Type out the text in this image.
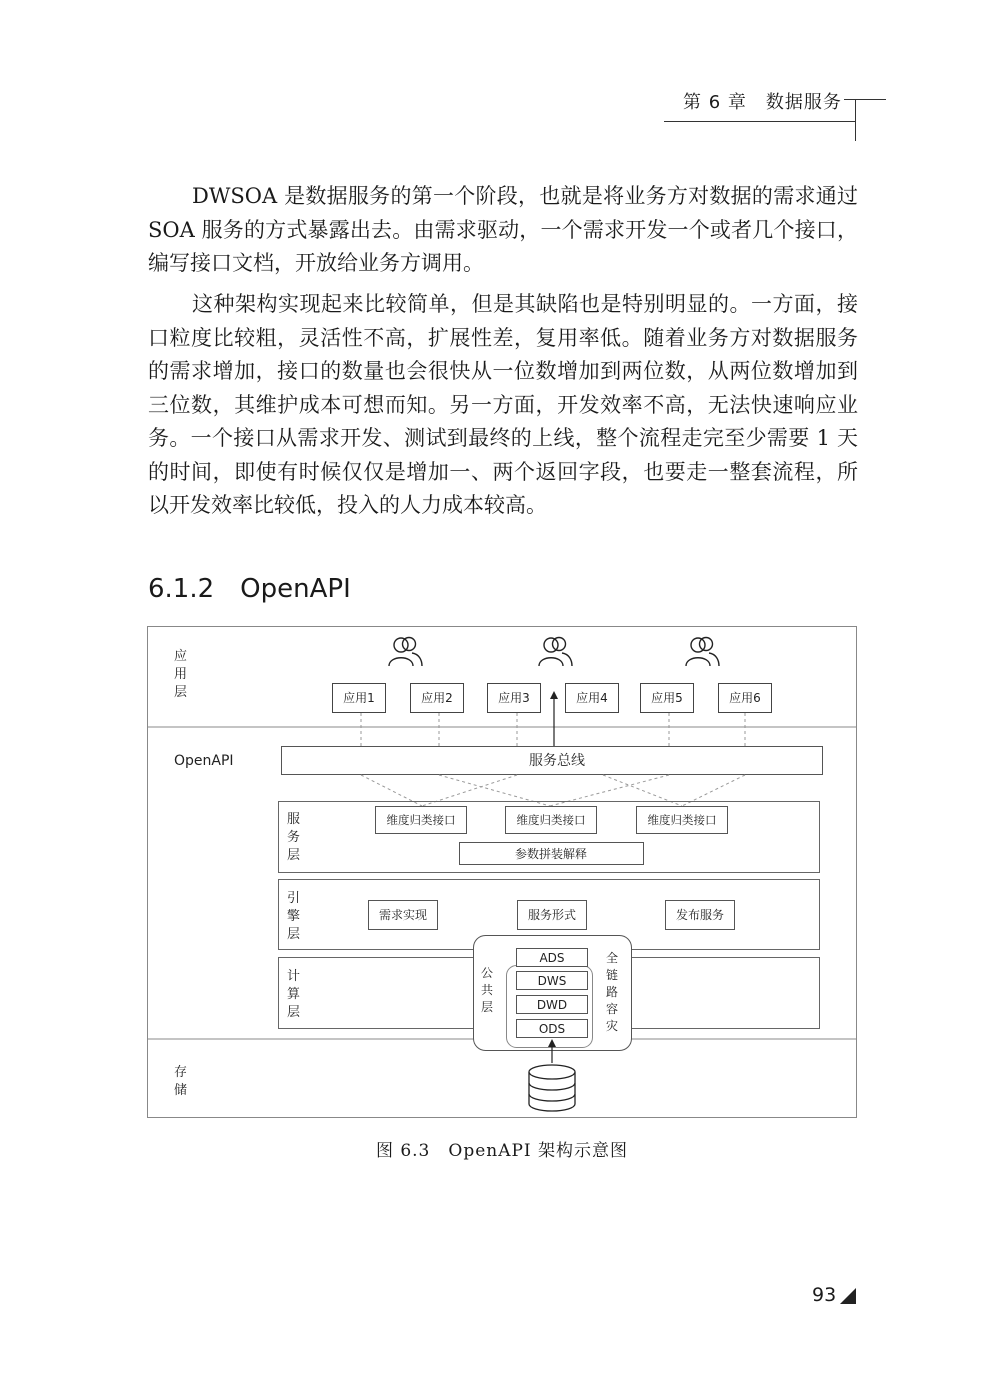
第 6 章　数据服务

DWSOA 是数据服务的第一个阶段，也就是将业务方对数据的需求通过 SOA 服务的方式暴露出去。由需求驱动，一个需求开发一个或者几个接口，编写接口文档，开放给业务方调用。

这种架构实现起来比较简单，但是其缺陷也是特别明显的。一方面，接口粒度比较粗，灵活性不高，扩展性差，复用率低。随着业务方对数据服务的需求增加，接口的数量也会很快从一位数增加到两位数，从两位数增加到三位数，其维护成本可想而知。另一方面，开发效率不高，无法快速响应业务。一个接口从需求开发、测试到最终的上线，整个流程走完至少需要 1 天的时间，即使有时候仅仅是增加一、两个返回字段，也要走一整套流程，所以开发效率比较低，投入的人力成本较高。

6.1.2 OpenAPI
应
用
层
OpenAPI
存
储
应用1	应用2	应用3	应用4	应用5	应用6
服务总线
服
务
层
维度归类接口	维度归类接口	维度归类接口
参数拼装解释
引
擎
层
需求实现	服务形式	发布服务
计
算
层
公
共
层
全
链
路
容
灾
ADS
DWS
DWD
ODS
图 6.3　OpenAPI 架构示意图
93
